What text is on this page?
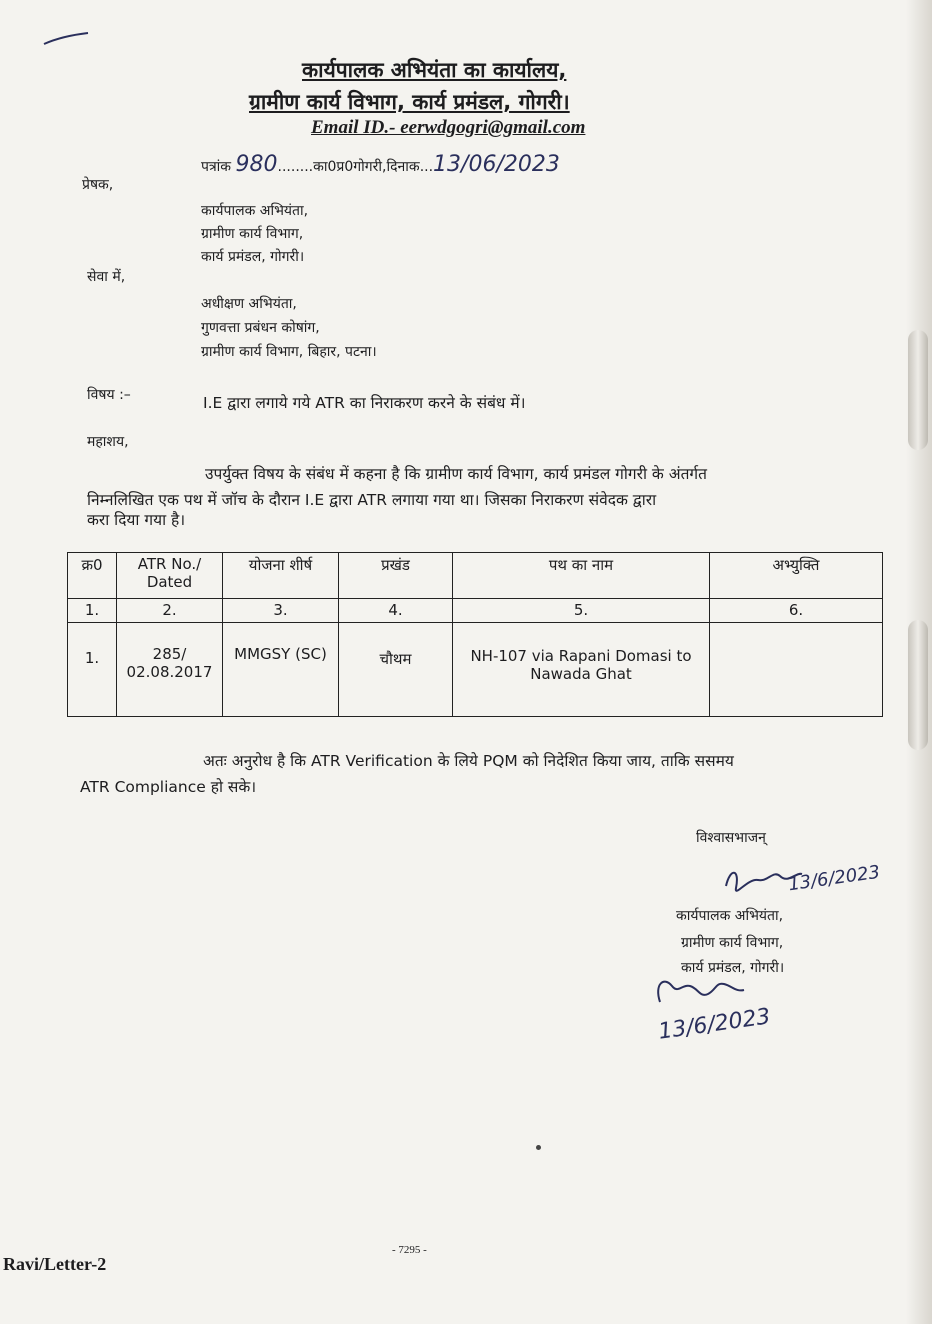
कार्यपालक अभियंता का कार्यालय,
ग्रामीण कार्य विभाग, कार्य प्रमंडल, गोगरी।
Email ID.- eerwdgogri@gmail.com
पत्रांक 980........का0प्र0गोगरी,दिनाक...13/06/2023
प्रेषक,
कार्यपालक अभियंता,
ग्रामीण कार्य विभाग,
कार्य प्रमंडल, गोगरी।
सेवा में,
अधीक्षण अभियंता,
गुणवत्ता प्रबंधन कोषांग,
ग्रामीण कार्य विभाग, बिहार, पटना।
विषय :–	I.E द्वारा लगाये गये ATR का निराकरण करने के संबंध में।
महाशय,
उपर्युक्त विषय के संबंध में कहना है कि ग्रामीण कार्य विभाग, कार्य प्रमंडल गोगरी के अंतर्गत
निम्नलिखित एक पथ में जॉच के दौरान I.E द्वारा ATR लगाया गया था। जिसका निराकरण संवेदक द्वारा
करा दिया गया है।
क्र0	ATR No./ Dated	योजना शीर्ष	प्रखंड	पथ का नाम	अभ्युक्ति
1.	2.	3.	4.	5.	6.
1.	285/ 02.08.2017	MMGSY (SC)	चौथम	NH-107 via Rapani Domasi to Nawada Ghat	
अतः अनुरोध है कि ATR Verification के लिये PQM को निदेशित किया जाय, ताकि ससमय
ATR Compliance हो सके।
विश्वासभाजन्
13/6/2023
कार्यपालक अभियंता,
ग्रामीण कार्य विभाग,
कार्य प्रमंडल, गोगरी।
13/6/2023
- 7295 -
Ravi/Letter-2
